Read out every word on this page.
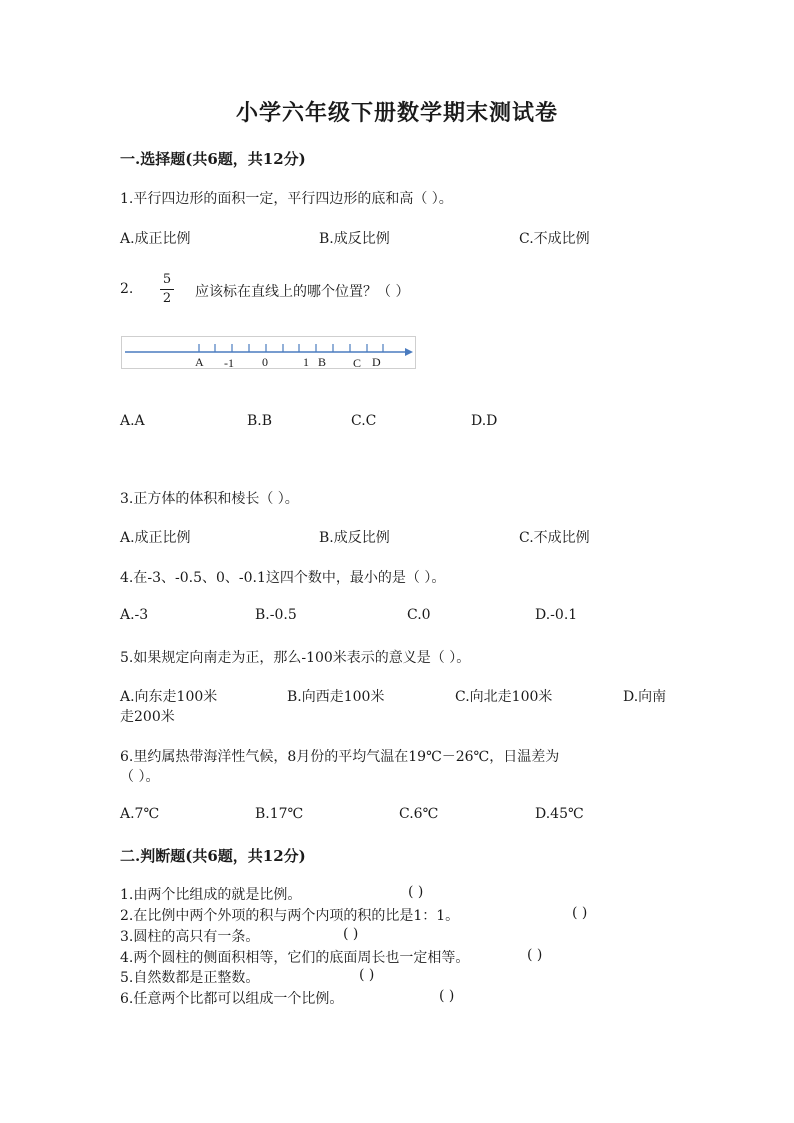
小学六年级下册数学期末测试卷
一.选择题(共6题，共12分)
1.平行四边形的面积一定，平行四边形的底和高（ ）。
A.成正比例	B.成反比例	C.不成比例
2.
5
2 应该标在直线上的哪个位置？（ ）
A -1 0	1 B C D
A.A	B.B	C.C	D.D
3.正方体的体积和棱长（ ）。
A.成正比例	B.成反比例	C.不成比例
4.在-3、-0.5、0、-0.1这四个数中，最小的是（ ）。
A.-3	B.-0.5	C.0	D.-0.1
5.如果规定向南走为正，那么-100米表示的意义是（ ）。
A.向东走100米	B.向西走100米	C.向北走100米	D.向南
走200米
6.里约属热带海洋性气候，8月份的平均气温在19℃－26℃，日温差为
（ ）。
A.7℃	B.17℃	C.6℃	D.45℃
二.判断题(共6题，共12分)
1.由两个比组成的就是比例。	( )
2.在比例中两个外项的积与两个内项的积的比是1：1。	( )
3.圆柱的高只有一条。	( )
4.两个圆柱的侧面积相等，它们的底面周长也一定相等。	( )
5.自然数都是正整数。	( )
6.任意两个比都可以组成一个比例。	( )
